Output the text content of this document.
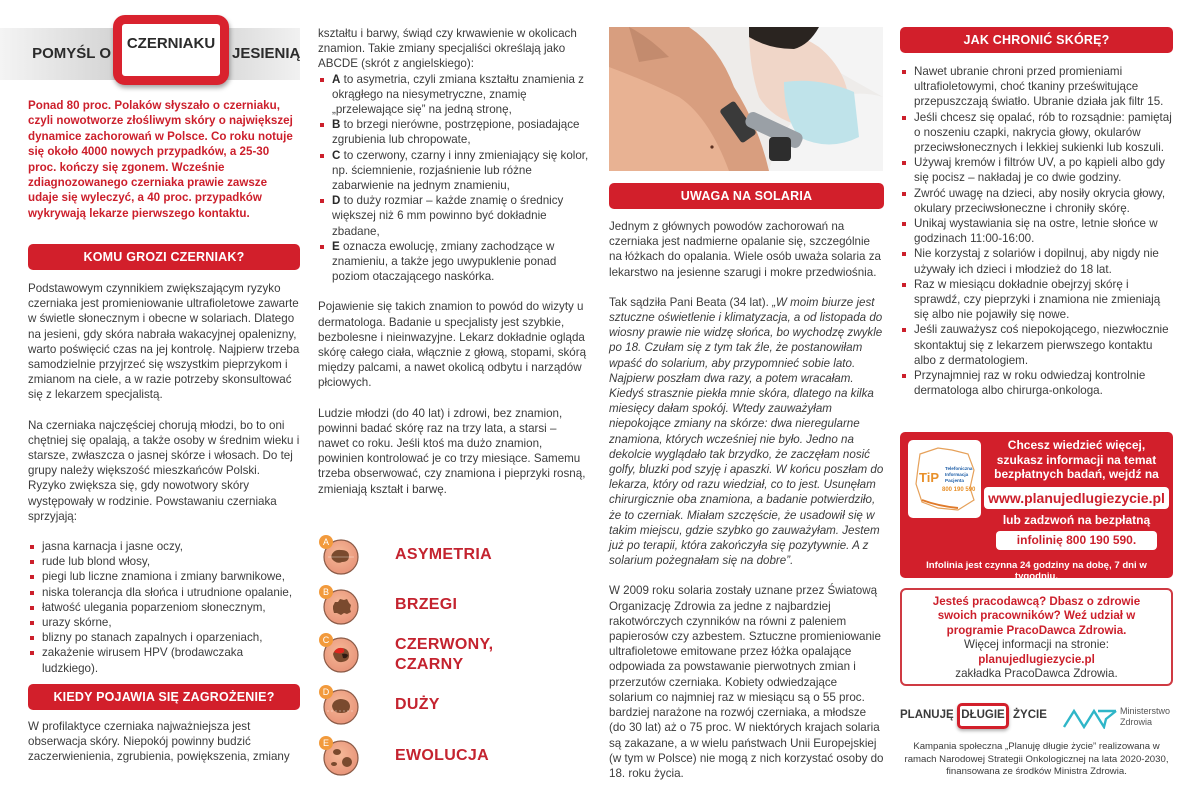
CZERNIAKU
POMYŚL O	JESIENIĄ
Ponad 80 proc. Polaków słyszało o czerniaku, czyli nowotworze złośliwym skóry o największej dynamice zachorowań w Polsce. Co roku notuje się około 4000 nowych przypadków, a 25-30 proc. kończy się zgonem. Wcześnie zdiagnozowanego czerniaka prawie zawsze udaje się wyleczyć, a 40 proc. przypadków wykrywają lekarze pierwszego kontaktu.
KOMU GROZI CZERNIAK?
Podstawowym czynnikiem zwiększającym ryzyko czerniaka jest promieniowanie ultrafioletowe zawarte w świetle słonecznym i obecne w solariach. Dlatego na jesieni, gdy skóra nabrała wakacyjnej opalenizny, warto poświęcić czas na jej kontrolę. Najpierw trzeba samodzielnie przyjrzeć się wszystkim pieprzykom i zmianom na ciele, a w razie potrzeby skonsultować się z lekarzem specjalistą.
Na czerniaka najczęściej chorują młodzi, bo to oni chętniej się opalają, a także osoby w średnim wieku i starsze, zwłaszcza o jasnej skórze i włosach. Do tej grupy należy większość mieszkańców Polski. Ryzyko zwiększa się, gdy nowotwory skóry występowały w rodzinie. Powstawaniu czerniaka sprzyjają:
jasna karnacja i jasne oczy,
rude lub blond włosy,
piegi lub liczne znamiona i zmiany barwnikowe,
niska tolerancja dla słońca i utrudnione opalanie,
łatwość ulegania poparzeniom słonecznym,
urazy skórne,
blizny po stanach zapalnych i oparzeniach,
zakażenie wirusem HPV (brodawczaka ludzkiego).
KIEDY POJAWIA SIĘ ZAGROŻENIE?
W profilaktyce czerniaka najważniejsza jest obserwacja skóry. Niepokój powinny budzić zaczerwienienia, zgrubienia, powiększenia, zmiany
kształtu i barwy, świąd czy krwawienie w okolicach znamion. Takie zmiany specjaliści określają jako ABCDE (skrót z angielskiego):
A to asymetria, czyli zmiana kształtu znamienia z okrągłego na niesymetryczne, znamię „przelewające się” na jedną stronę,
B to brzegi nierówne, postrzępione, posiadające zgrubienia lub chropowate,
C to czerwony, czarny i inny zmieniający się kolor, np. ściemnienie, rozjaśnienie lub różne zabarwienie na jednym znamieniu,
D to duży rozmiar – każde znamię o średnicy większej niż 6 mm powinno być dokładnie zbadane,
E oznacza ewolucję, zmiany zachodzące w znamieniu, a także jego uwypuklenie ponad poziom otaczającego naskórka.
Pojawienie się takich znamion to powód do wizyty u dermatologa. Badanie u specjalisty jest szybkie, bezbolesne i nieinwazyjne. Lekarz dokładnie ogląda skórę całego ciała, włącznie z głową, stopami, skórą między palcami, a nawet okolicą odbytu i narządów płciowych.
Ludzie młodzi (do 40 lat) i zdrowi, bez znamion, powinni badać skórę raz na trzy lata, a starsi – nawet co roku. Jeśli ktoś ma dużo znamion, powinien kontrolować je co trzy miesiące. Samemu trzeba obserwować, czy znamiona i pieprzyki rosną, zmieniają kształt i barwę.
A
ASYMETRIA
B
BRZEGI
C	CZERWONY,
CZARNY
D
DUŻY
E
EWOLUCJA
UWAGA NA SOLARIA
Jednym z głównych powodów zachorowań na czerniaka jest nadmierne opalanie się, szczególnie na łóżkach do opalania. Wiele osób uważa solaria za lekarstwo na jesienne szarugi i mokre przedwiośnia.
Tak sądziła Pani Beata (34 lat). „W moim biurze jest sztuczne oświetlenie i klimatyzacja, a od listopada do wiosny prawie nie widzę słońca, bo wychodzę zwykle po 18. Czułam się z tym tak źle, że postanowiłam wpaść do solarium, aby przypomnieć sobie lato. Najpierw poszłam dwa razy, a potem wracałam. Kiedyś strasznie piekła mnie skóra, dlatego na kilka miesięcy dałam spokój. Wtedy zauważyłam niepokojące zmiany na skórze: dwa nieregularne znamiona, których wcześniej nie było. Jedno na dekolcie wyglądało tak brzydko, że zaczęłam nosić golfy, bluzki pod szyję i apaszki. W końcu poszłam do lekarza, który od razu wiedział, co to jest. Usunęłam chirurgicznie oba znamiona, a badanie potwierdziło, że to czerniak. Miałam szczęście, że usadowił się w takim miejscu, gdzie szybko go zauważyłam. Jestem już po terapii, która zakończyła się pozytywnie. A z solarium pożegnałam się na dobre”.
W 2009 roku solaria zostały uznane przez Światową Organizację Zdrowia za jedne z najbardziej rakotwórczych czynników na równi z paleniem papierosów czy azbestem. Sztuczne promieniowanie ultrafioletowe emitowane przez łóżka opalające odpowiada za powstawanie pierwotnych zmian i przerzutów czerniaka. Kobiety odwiedzające solarium co najmniej raz w miesiącu są o 55 proc. bardziej narażone na rozwój czerniaka, a młodsze (do 30 lat) aż o 75 proc. W niektórych krajach solaria są zakazane, a w wielu państwach Unii Europejskiej (w tym w Polsce) nie mogą z nich korzystać osoby do 18. roku życia.
JAK CHRONIĆ SKÓRĘ?
Nawet ubranie chroni przed promieniami ultrafioletowymi, choć tkaniny prześwitujące przepuszczają światło. Ubranie działa jak filtr 15.
Jeśli chcesz się opalać, rób to rozsądnie: pamiętaj o noszeniu czapki, nakrycia głowy, okularów przeciwsłonecznych i lekkiej sukienki lub koszuli.
Używaj kremów i filtrów UV, a po kąpieli albo gdy się pocisz – nakładaj je co dwie godziny.
Zwróć uwagę na dzieci, aby nosiły okrycia głowy, okulary przeciwsłoneczne i chroniły skórę.
Unikaj wystawiania się na ostre, letnie słońce w godzinach 11:00-16:00.
Nie korzystaj z solariów i dopilnuj, aby nigdy nie używały ich dzieci i młodzież do 18 lat.
Raz w miesiącu dokładnie obejrzyj skórę i sprawdź, czy pieprzyki i znamiona nie zmieniają się albo nie pojawiły się nowe.
Jeśli zauważysz coś niepokojącego, niezwłocznie skontaktuj się z lekarzem pierwszego kontaktu albo z dermatologiem.
Przynajmniej raz w roku odwiedzaj kontrolnie dermatologa albo chirurga-onkologa.
TiP
Telefoniczna
Informacja
Pacjenta
800 190 590
Chcesz wiedzieć więcej, szukasz informacji na temat bezpłatnych badań, wejdź na
www.planujedlugiezycie.pl
lub zadzwoń na bezpłatną
infolinię 800 190 590.
Infolinia jest czynna 24 godziny na dobę, 7 dni w tygodniu.
Jesteś pracodawcą? Dbasz o zdrowie swoich pracowników? Weź udział w programie PracoDawca Zdrowia.
Więcej informacji na stronie:
planujedlugiezycie.pl
zakładka PracoDawca Zdrowia.
PLANUJĘ DŁUGIE ŻYCIE	Ministerstwo
Zdrowia
Kampania społeczna „Planuję długie życie” realizowana w ramach Narodowej Strategii Onkologicznej na lata 2020-2030, finansowana ze środków Ministra Zdrowia.
